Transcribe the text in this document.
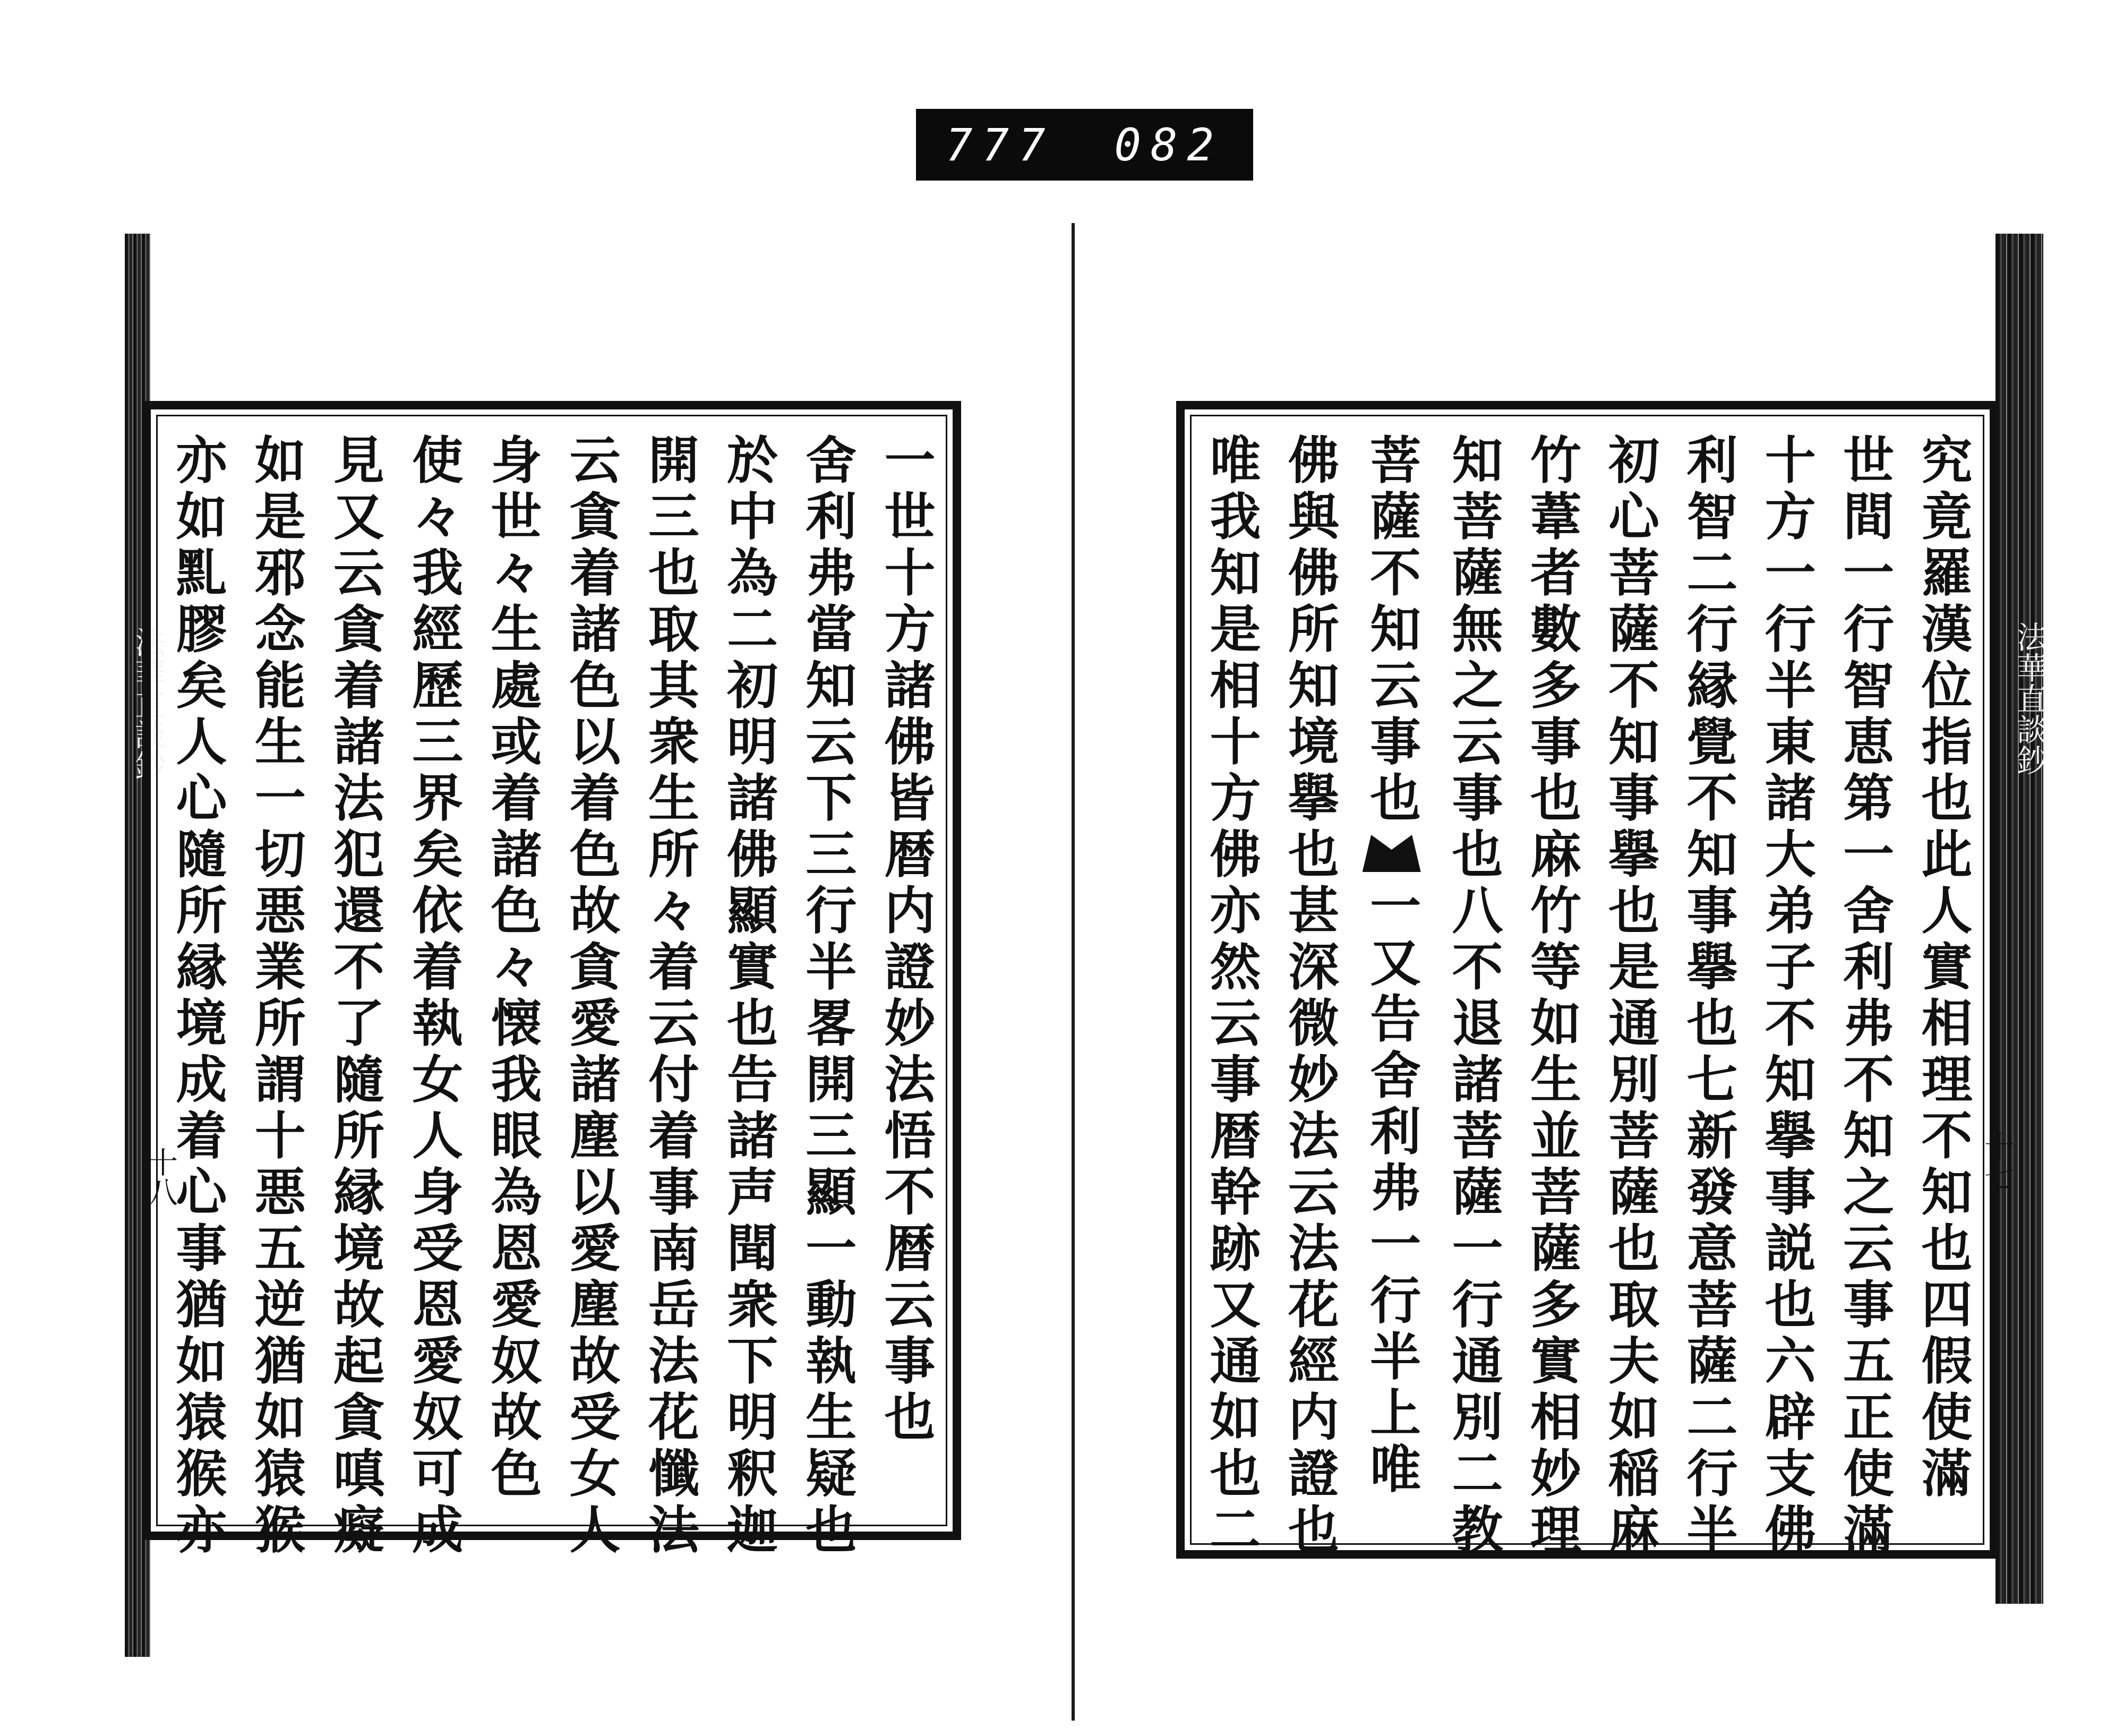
777 082
法華直談鈔	法華直談鈔
十八	十七
一世十方諸佛皆暦内證妙法悟不暦云事也
舍利弗當知云下三行半畧開三顯一動執生疑也
於中為二初明諸佛顯實也告諸声聞衆下明釈迦
開三也取其衆生所々着云付着事南岳法花懺法
云貪着諸色以着色故貪愛諸塵以愛塵故受女人
身世々生處或着諸色々懐我眼為恩愛奴故色
使々我經歷三界矣依着執女人身受恩愛奴可成
見又云貪着諸法犯還不了隨所縁境故起貪嗔癡
如是邪念能生一切悪業所謂十悪五逆猶如猿猴
亦如䵝膠矣人心隨所縁境成着心事猶如猿猴亦	究竟羅漢位指也此人實相理不知也四假使滿
世間一行智恵第一舍利弗不知之云事五正使滿
十方一行半東諸大弟子不知擧事説也六辟支佛
利智二行縁覺不知事擧也七新發意菩薩二行半
初心菩薩不知事擧也是通別菩薩也取夫如稲麻
竹葦者數多事也麻竹等如生並菩薩多實相妙理
知菩薩無之云事也八不退諸菩薩一行通別二教
菩薩不知云事也一又告舍利弗一行半上唯
佛與佛所知境擧也甚深微妙法云法花經内證也
唯我知是相十方佛亦然云事暦幹跡又通如也二
